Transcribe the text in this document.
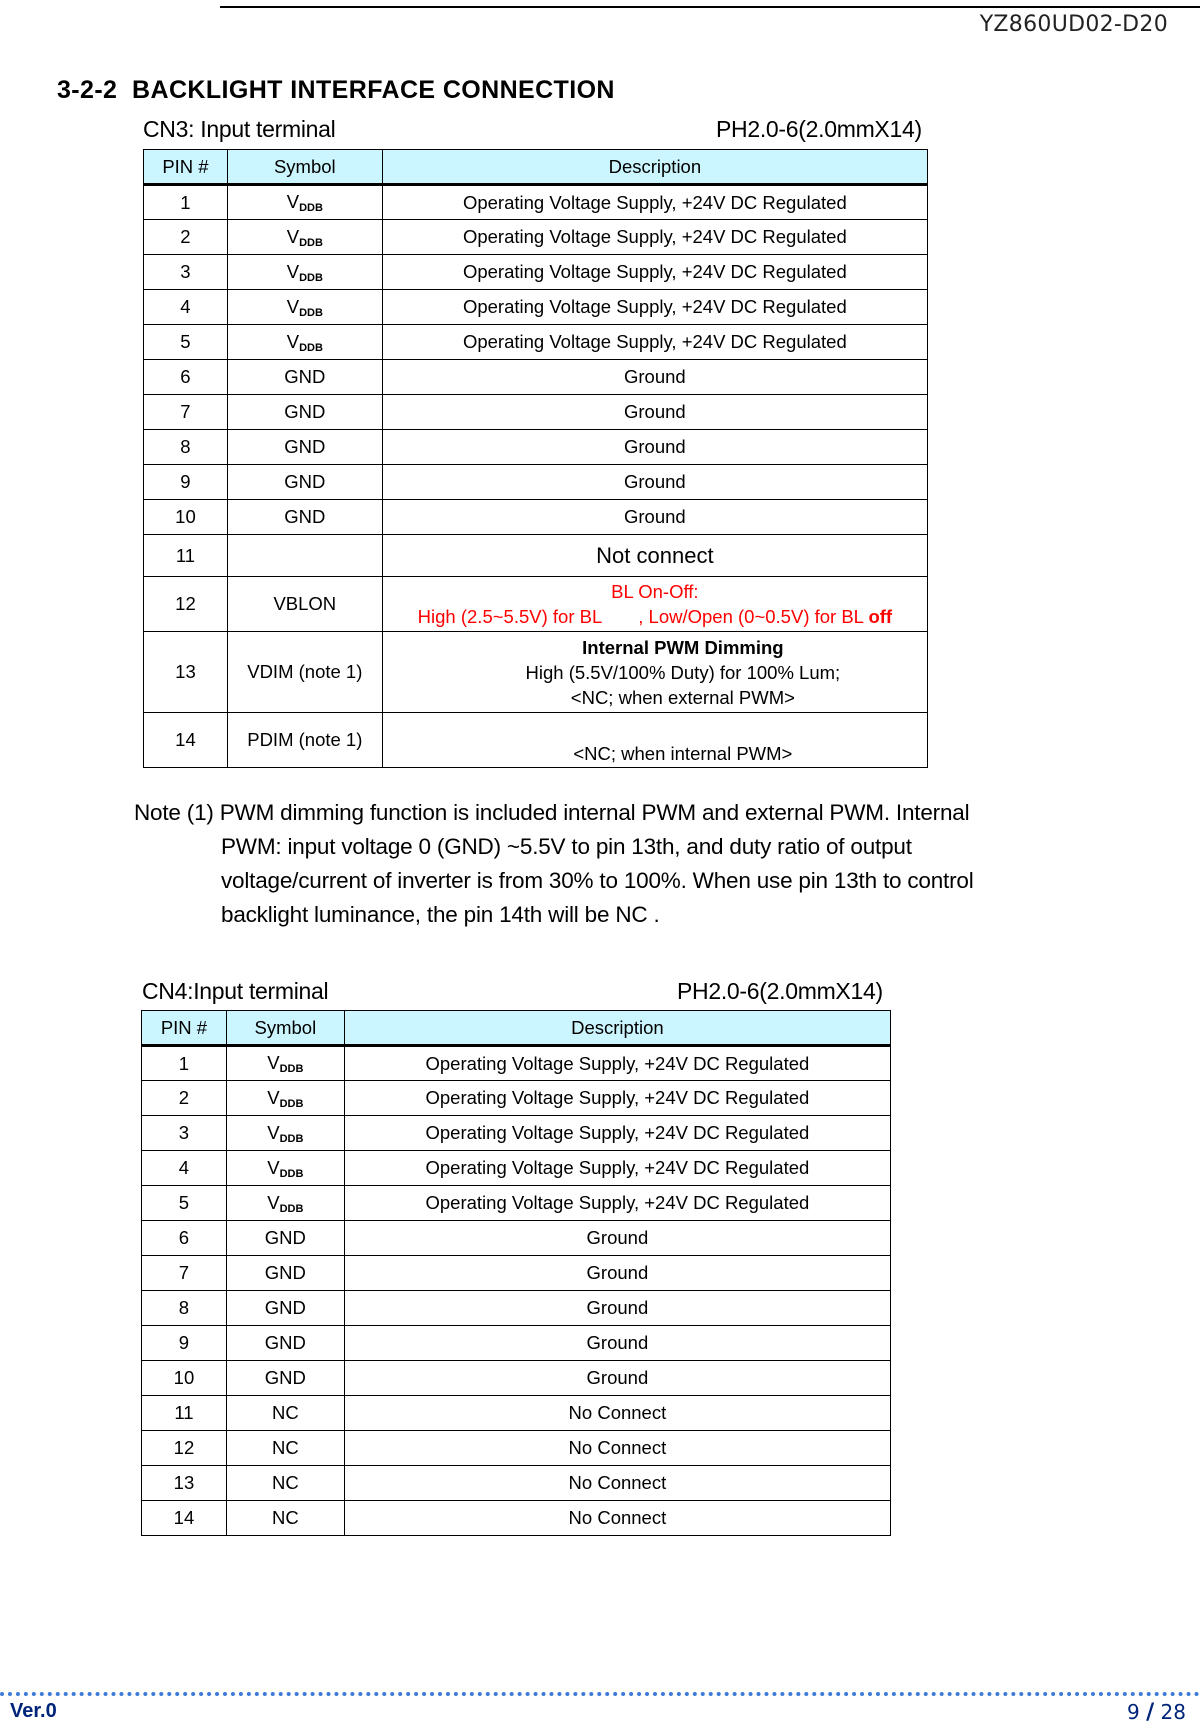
YZ860UD02-D20
3-2-2  BACKLIGHT INTERFACE CONNECTION
CN3: Input terminal	PH2.0-6(2.0mmX14)
PIN #	Symbol	Description
1	$V_{DDB}$	Operating Voltage Supply, +24V DC Regulated
2	$V_{DDB}$	Operating Voltage Supply, +24V DC Regulated
3	$V_{DDB}$	Operating Voltage Supply, +24V DC Regulated
4	$V_{DDB}$	Operating Voltage Supply, +24V DC Regulated
5	$V_{DDB}$	Operating Voltage Supply, +24V DC Regulated
6	GND	Ground
7	GND	Ground
8	GND	Ground
9	GND	Ground
10	GND	Ground
11		Not connect
12	VBLON	BL On-Off:
High (2.5~5.5V) for BL , Low/Open (0~0.5V) for BL off

13	VDIM (note 1)	Internal PWM Dimming
High (5.5V/100% Duty) for 100% Lum;
<NC; when external PWM>

14	PDIM (note 1)	<NC; when internal PWM>
Note (1) PWM dimming function is included internal PWM and external PWM. Internal
PWM: input voltage 0 (GND) ~5.5V to pin 13th, and duty ratio of output
voltage/current of inverter is from 30% to 100%. When use pin 13th to control
backlight luminance, the pin 14th will be NC .
CN4:Input terminal	PH2.0-6(2.0mmX14)
PIN #	Symbol	Description
1	$V_{DDB}$	Operating Voltage Supply, +24V DC Regulated
2	$V_{DDB}$	Operating Voltage Supply, +24V DC Regulated
3	$V_{DDB}$	Operating Voltage Supply, +24V DC Regulated
4	$V_{DDB}$	Operating Voltage Supply, +24V DC Regulated
5	$V_{DDB}$	Operating Voltage Supply, +24V DC Regulated
6	GND	Ground
7	GND	Ground
8	GND	Ground
9	GND	Ground
10	GND	Ground
11	NC	No Connect
12	NC	No Connect
13	NC	No Connect
14	NC	No Connect
Ver.0	9 / 28
